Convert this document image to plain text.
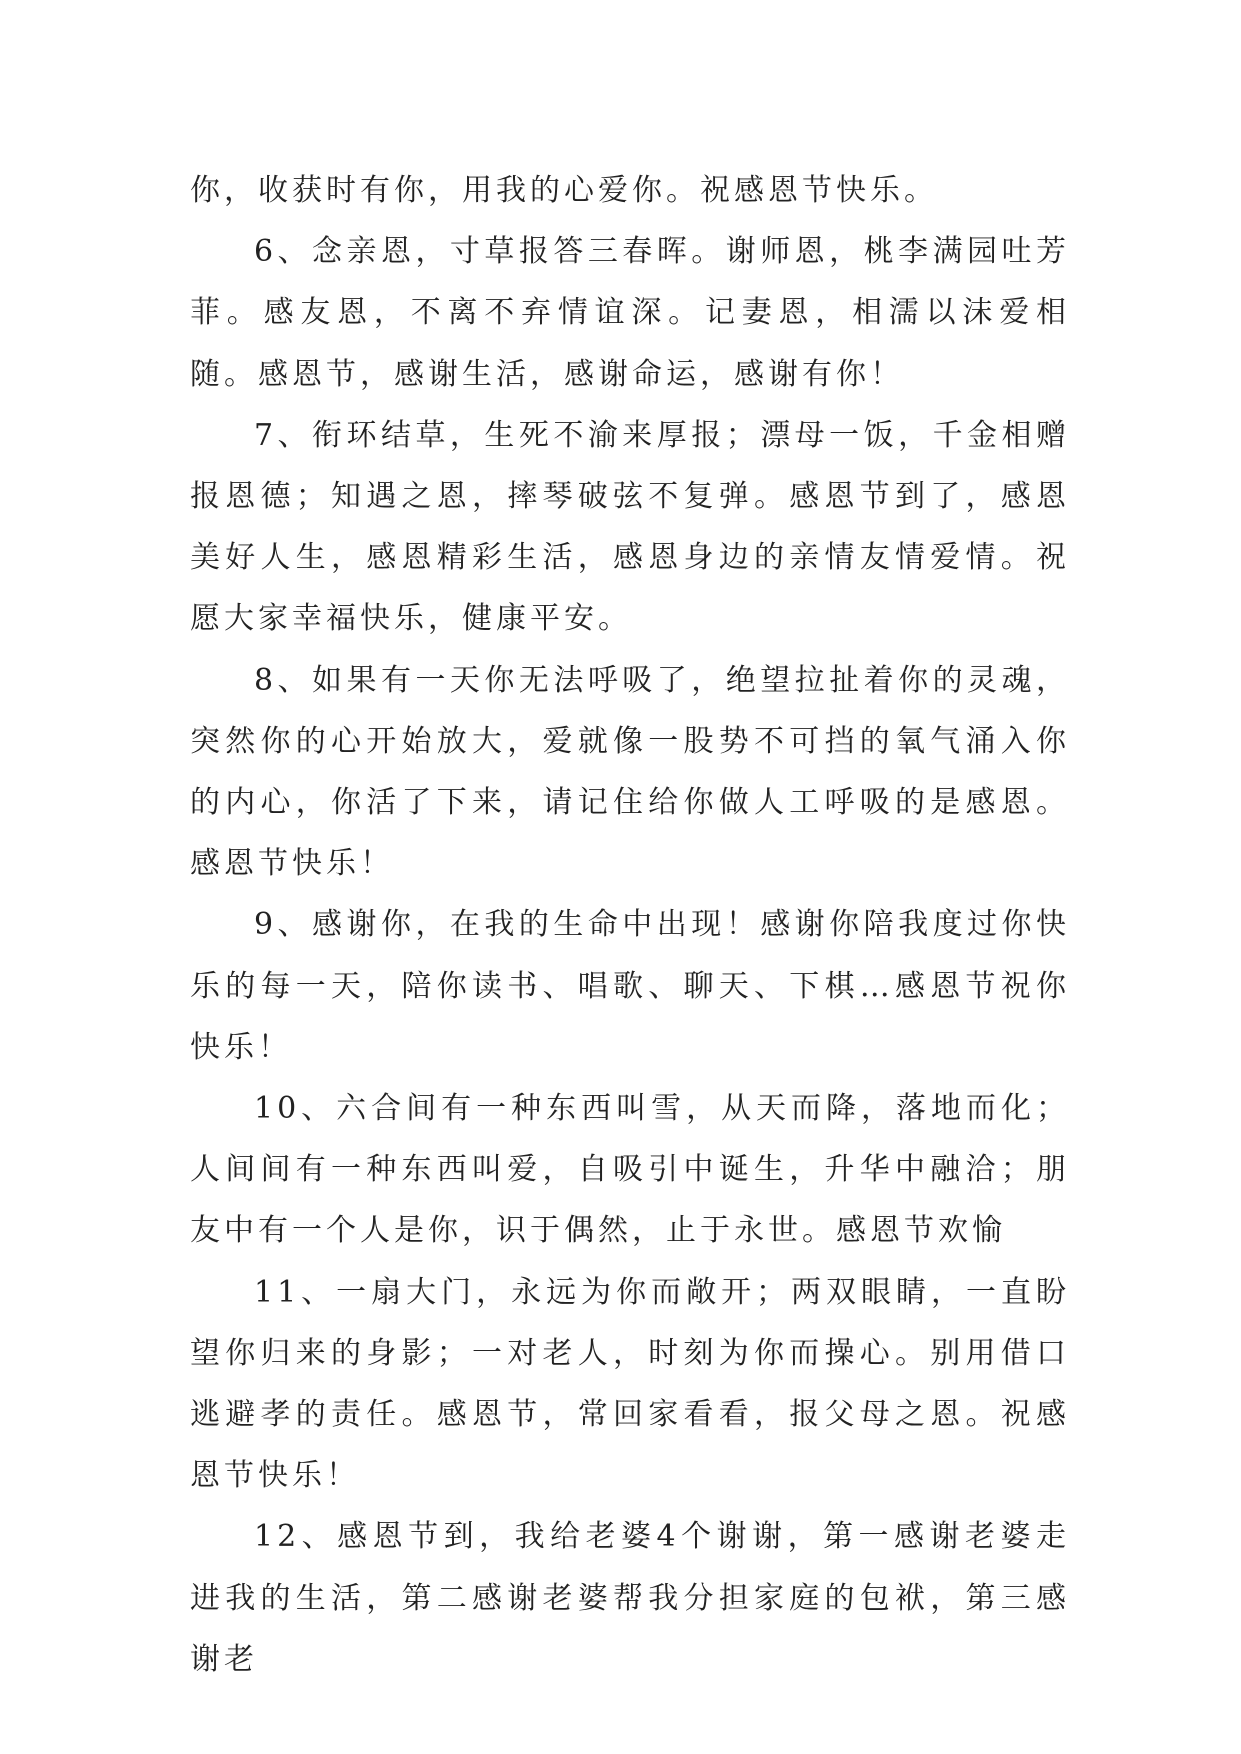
你，收获时有你，用我的心爱你。祝感恩节快乐。

6、念亲恩，寸草报答三春晖。谢师恩，桃李满园吐芳菲。感友恩，不离不弃情谊深。记妻恩，相濡以沫爱相随。感恩节，感谢生活，感谢命运，感谢有你！

7、衔环结草，生死不渝来厚报；漂母一饭，千金相赠报恩德；知遇之恩，摔琴破弦不复弹。感恩节到了，感恩美好人生，感恩精彩生活，感恩身边的亲情友情爱情。祝愿大家幸福快乐，健康平安。

8、如果有一天你无法呼吸了，绝望拉扯着你的灵魂，突然你的心开始放大，爱就像一股势不可挡的氧气涌入你的内心，你活了下来，请记住给你做人工呼吸的是感恩。感恩节快乐！

9、感谢你，在我的生命中出现！感谢你陪我度过你快乐的每一天，陪你读书、唱歌、聊天、下棋…感恩节祝你快乐！

10、六合间有一种东西叫雪，从天而降，落地而化；人间间有一种东西叫爱，自吸引中诞生，升华中融洽；朋友中有一个人是你，识于偶然，止于永世。感恩节欢愉

11、一扇大门，永远为你而敞开；两双眼睛，一直盼望你归来的身影；一对老人，时刻为你而操心。别用借口逃避孝的责任。感恩节，常回家看看，报父母之恩。祝感恩节快乐！

12、感恩节到，我给老婆4个谢谢，第一感谢老婆走进我的生活，第二感谢老婆帮我分担家庭的包袱，第三感谢老
